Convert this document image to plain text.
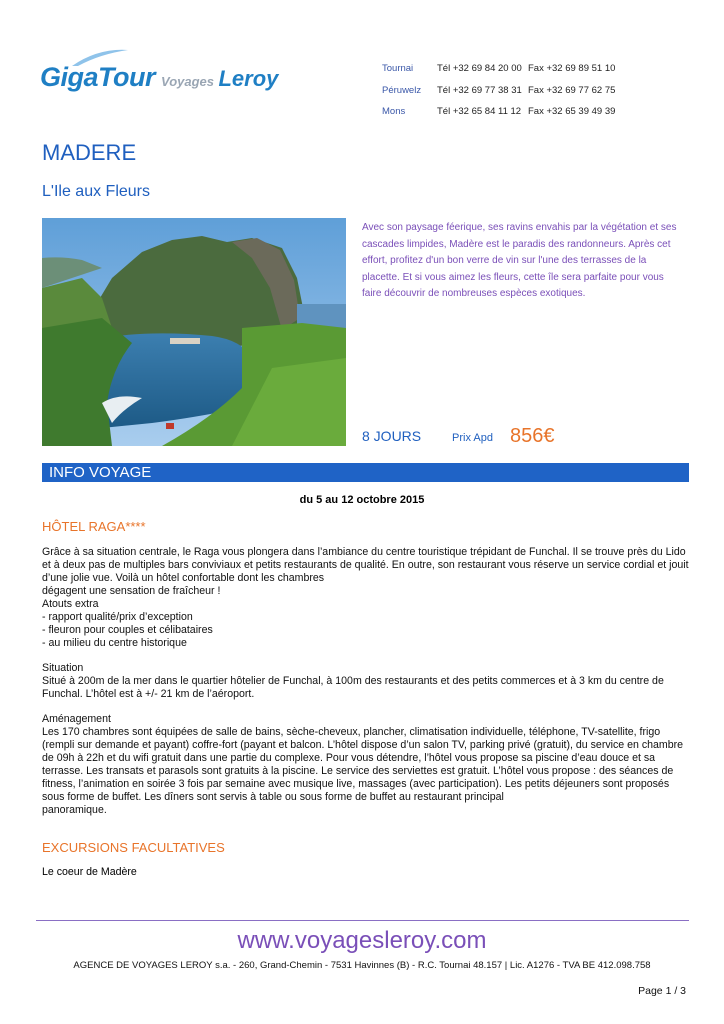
GigaTour Voyages Leroy	Tournai	Tél +32 69 84 20 00 Fax +32 69 89 51 10
Péruwelz	Tél +32 69 77 38 31 Fax +32 69 77 62 75
Mons	Tél +32 65 84 11 12 Fax +32 65 39 49 39
MADERE
L'Ile aux Fleurs
Avec son paysage féerique, ses ravins envahis par la végétation et ses cascades limpides, Madère est le paradis des randonneurs. Après cet effort, profitez d'un bon verre de vin sur l'une des terrasses de la placette. Et si vous aimez les fleurs, cette île sera parfaite pour vous faire découvrir de nombreuses espèces exotiques.
8 JOURS	Prix Apd 856€
INFO VOYAGE
du 5 au 12 octobre 2015
HÔTEL RAGA****

Grâce à sa situation centrale, le Raga vous plongera dans l’ambiance du centre touristique trépidant de Funchal. Il se trouve près du Lido et à deux pas de multiples bars conviviaux et petits restaurants de qualité. En outre, son restaurant vous réserve un service cordial et jouit d’une jolie vue. Voilà un hôtel confortable dont les chambres

dégagent une sensation de fraîcheur !

Atouts extra

- rapport qualité/prix d’exception

- fleuron pour couples et célibataires

- au milieu du centre historique

Situation

Situé à 200m de la mer dans le quartier hôtelier de Funchal, à 100m des restaurants et des petits commerces et à 3 km du centre de Funchal. L’hôtel est à +/- 21 km de l’aéroport.

Aménagement

Les 170 chambres sont équipées de salle de bains, sèche-cheveux, plancher, climatisation individuelle, téléphone, TV-satellite, frigo (rempli sur demande et payant) coffre-fort (payant et balcon. L’hôtel dispose d’un salon TV, parking privé (gratuit), du service en chambre de 09h à 22h et du wifi gratuit dans une partie du complexe. Pour vous détendre, l’hôtel vous propose sa piscine d’eau douce et sa terrasse. Les transats et parasols sont gratuits à la piscine. Le service des serviettes est gratuit. L’hôtel vous propose : des séances de fitness, l’animation en soirée 3 fois par semaine avec musique live, massages (avec participation). Les petits déjeuners sont proposés sous forme de buffet. Les dîners sont servis à table ou sous forme de buffet au restaurant principal

panoramique.

EXCURSIONS FACULTATIVES
Le coeur de Madère
www.voyagesleroy.com
AGENCE DE VOYAGES LEROY s.a. - 260, Grand-Chemin - 7531 Havinnes (B) - R.C. Tournai 48.157 | Lic. A1276 - TVA BE 412.098.758
Page 1 / 3
